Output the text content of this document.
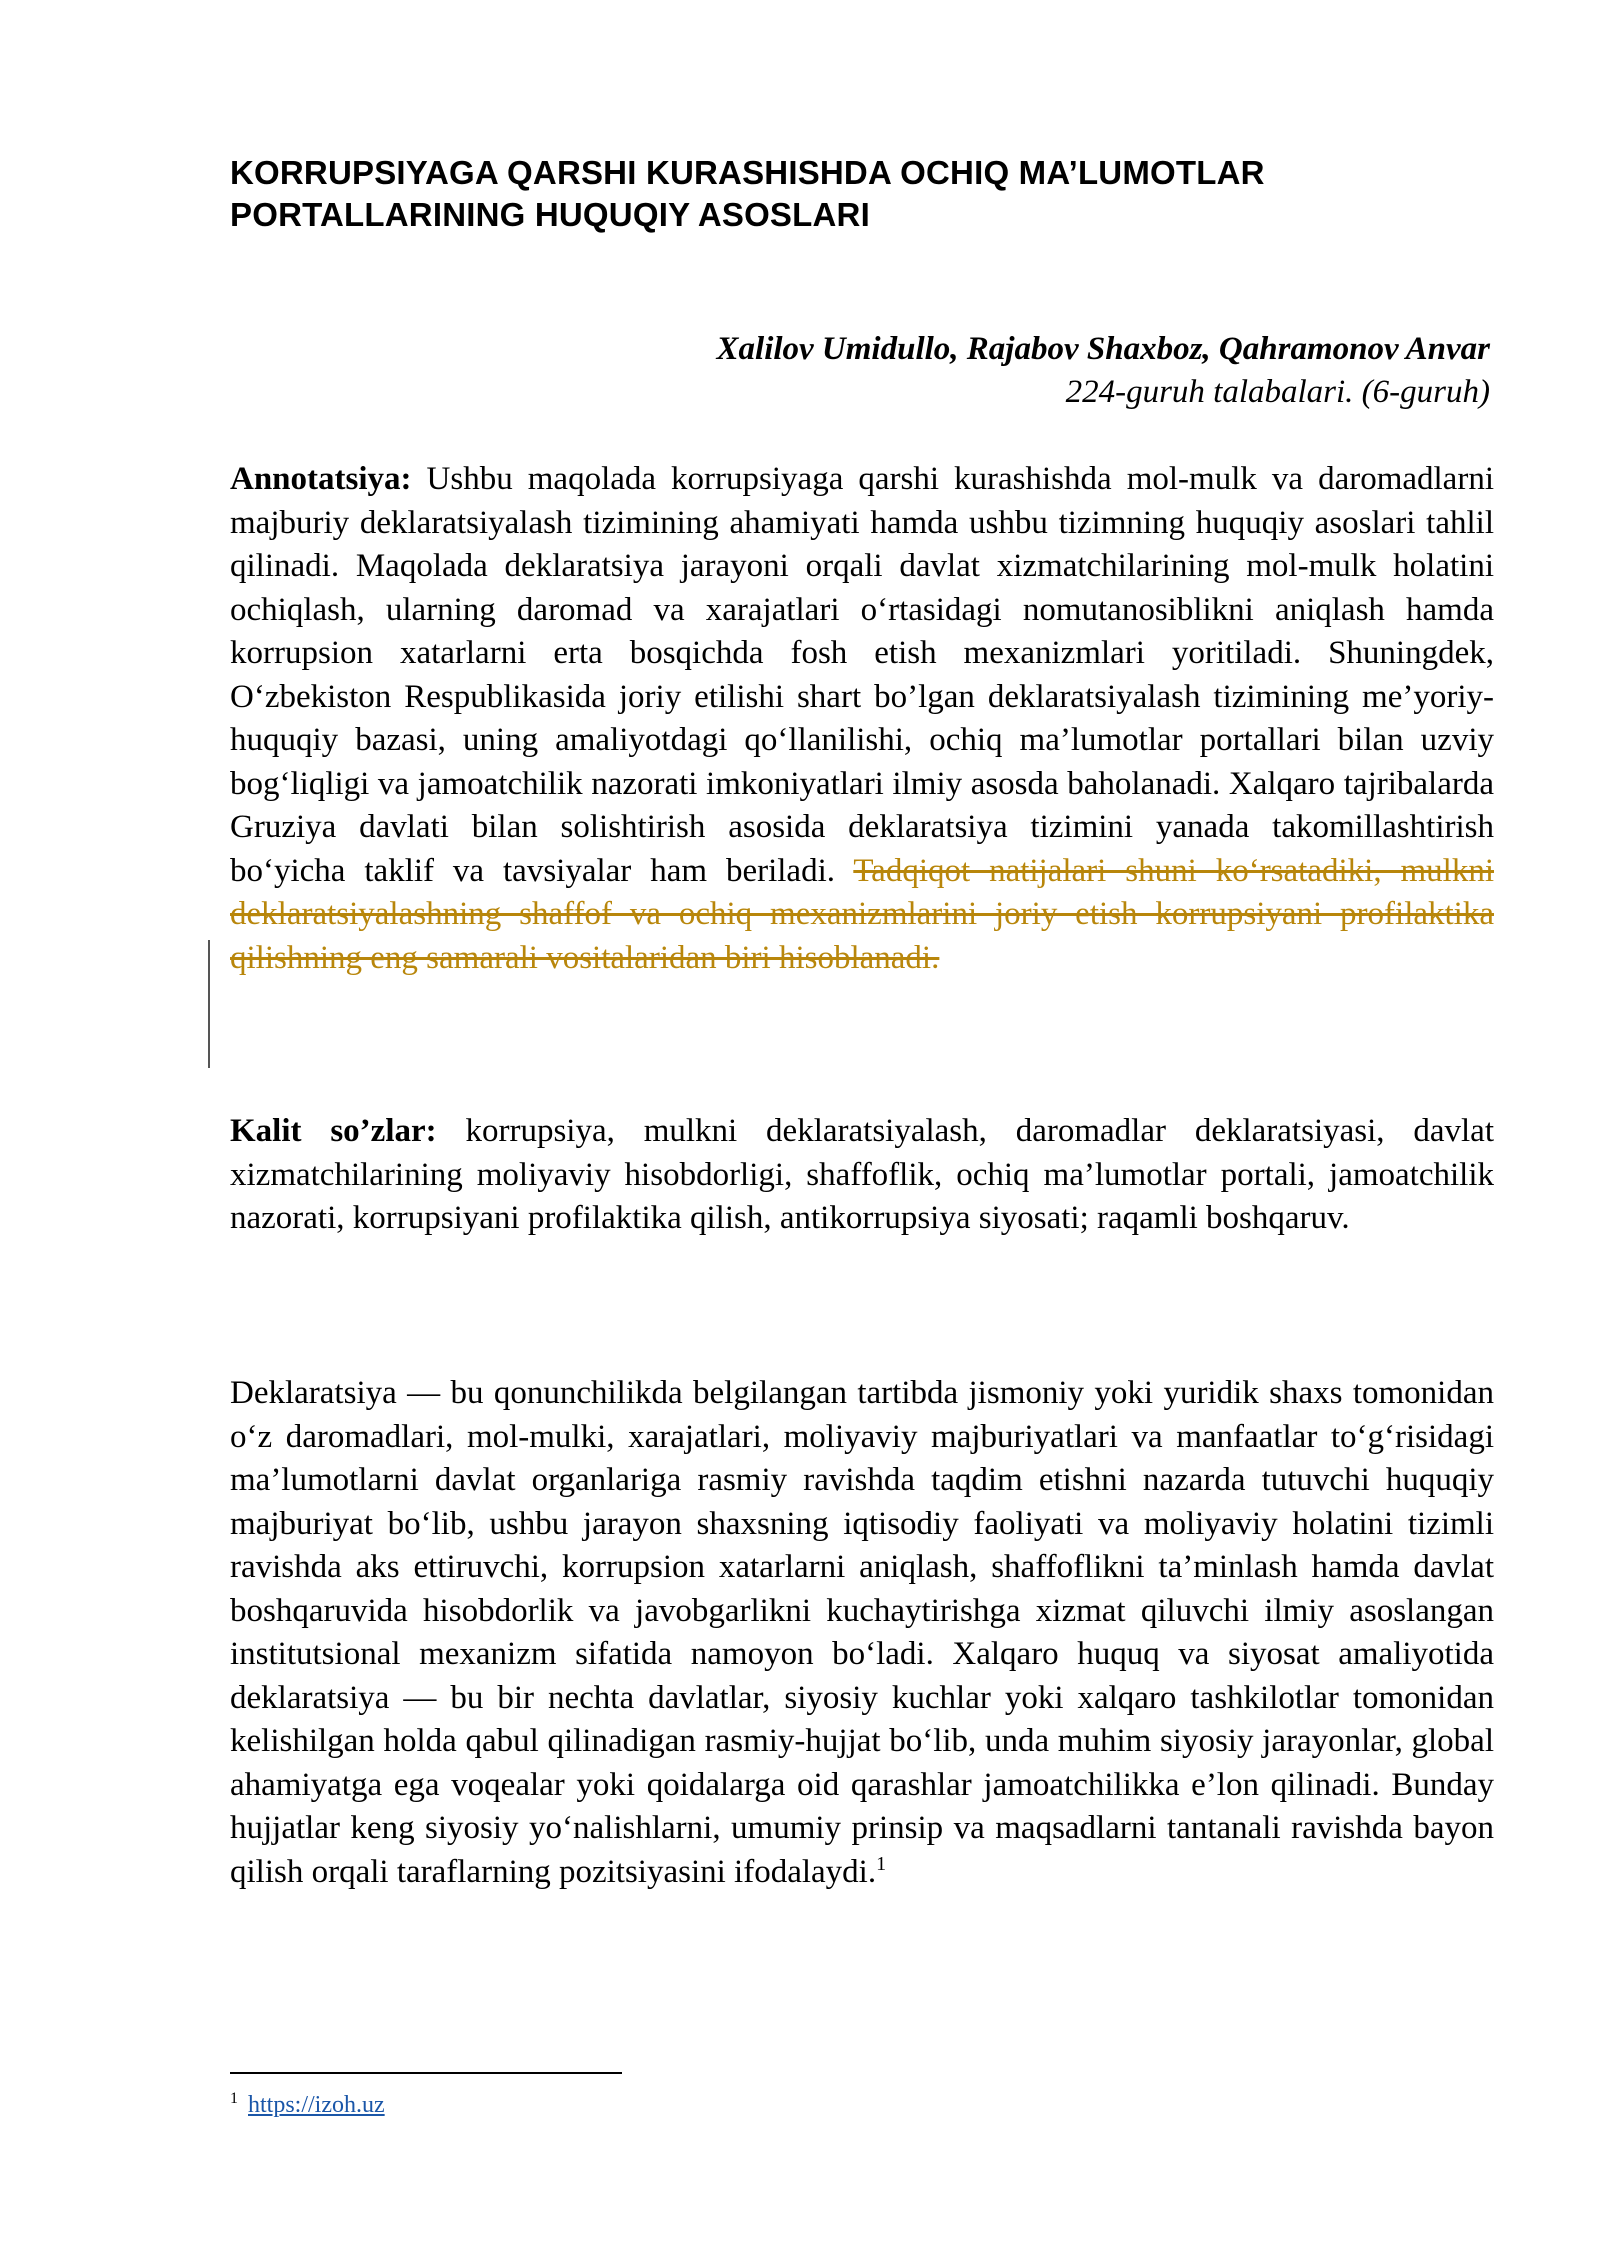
KORRUPSIYAGA QARSHI KURASHISHDA OCHIQ MA’LUMOTLAR PORTALLARINING HUQUQIY ASOSLARI
Xalilov Umidullo, Rajabov Shaxboz, Qahramonov Anvar
224-guruh talabalari. (6-guruh)

Annotatsiya: Ushbu maqolada korrupsiyaga qarshi kurashishda mol-mulk va daromadlarni majburiy deklaratsiyalash tizimining ahamiyati hamda ushbu tizimning huquqiy asoslari tahlil qilinadi. Maqolada deklaratsiya jarayoni orqali davlat xizmatchilarining mol-mulk holatini ochiqlash, ularning daromad va xarajatlari o‘rtasidagi nomutanosiblikni aniqlash hamda korrupsion xatarlarni erta bosqichda fosh etish mexanizmlari yoritiladi. Shuningdek, O‘zbekiston Respublikasida joriy etilishi shart bo’lgan deklaratsiyalash tizimining me’yoriy-huquqiy bazasi, uning amaliyotdagi qo‘llanilishi, ochiq ma’lumotlar portallari bilan uzviy bog‘liqligi va jamoatchilik nazorati imkoniyatlari ilmiy asosda baholanadi. Xalqaro tajribalarda Gruziya davlati bilan solishtirish asosida deklaratsiya tizimini yanada takomillashtirish bo‘yicha taklif va tavsiyalar ham beriladi. Tadqiqot natijalari shuni ko‘rsatadiki, mulkni deklaratsiyalashning shaffof va ochiq mexanizmlarini joriy etish korrupsiyani profilaktika qilishning eng samarali vositalaridan biri hisoblanadi.

Kalit so’zlar: korrupsiya, mulkni deklaratsiyalash, daromadlar deklaratsiyasi, davlat xizmatchilarining moliyaviy hisobdorligi, shaffoflik, ochiq ma’lumotlar portali, jamoatchilik nazorati, korrupsiyani profilaktika qilish, antikorrupsiya siyosati; raqamli boshqaruv.

Deklaratsiya — bu qonunchilikda belgilangan tartibda jismoniy yoki yuridik shaxs tomonidan o‘z daromadlari, mol-mulki, xarajatlari, moliyaviy majburiyatlari va manfaatlar to‘g‘risidagi ma’lumotlarni davlat organlariga rasmiy ravishda taqdim etishni nazarda tutuvchi huquqiy majburiyat bo‘lib, ushbu jarayon shaxsning iqtisodiy faoliyati va moliyaviy holatini tizimli ravishda aks ettiruvchi, korrupsion xatarlarni aniqlash, shaffoflikni ta’minlash hamda davlat boshqaruvida hisobdorlik va javobgarlikni kuchaytirishga xizmat qiluvchi ilmiy asoslangan institutsional mexanizm sifatida namoyon bo‘ladi. Xalqaro huquq va siyosat amaliyotida deklaratsiya — bu bir nechta davlatlar, siyosiy kuchlar yoki xalqaro tashkilotlar tomonidan kelishilgan holda qabul qilinadigan rasmiy-hujjat bo‘lib, unda muhim siyosiy jarayonlar, global ahamiyatga ega voqealar yoki qoidalarga oid qarashlar jamoatchilikka e’lon qilinadi. Bunday hujjatlar keng siyosiy yo‘nalishlarni, umumiy prinsip va maqsadlarni tantanali ravishda bayon qilish orqali taraflarning pozitsiyasini ifodalaydi.$^1$

$^1$ https://izoh.uz
